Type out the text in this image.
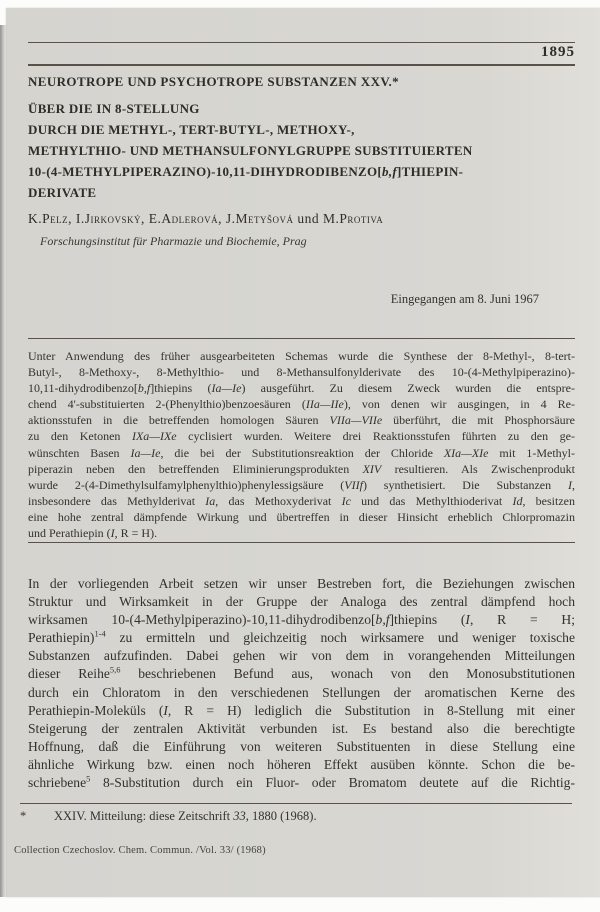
1895
NEUROTROPE UND PSYCHOTROPE SUBSTANZEN XXV.*
ÜBER DIE IN 8-STELLUNG
DURCH DIE METHYL-, TERT-BUTYL-, METHOXY-,
METHYLTHIO- UND METHANSULFONYLGRUPPE SUBSTITUIERTEN
10-(4-METHYLPIPERAZINO)-10,11-DIHYDRODIBENZO[b,f]THIEPIN-
DERIVATE
K.Pelz, I.Jirkovský, E.Adlerová, J.Metyšová und M.Protiva
Forschungsinstitut für Pharmazie und Biochemie, Prag
Eingegangen am 8. Juni 1967
Unter Anwendung des früher ausgearbeiteten Schemas wurde die Synthese der 8-Methyl-, 8-tert-
Butyl-, 8-Methoxy-, 8-Methylthio- und 8-Methansulfonylderivate des 10-(4-Methylpiperazino)-
10,11-dihydrodibenzo[b,f]thiepins (Ia—Ie) ausgeführt. Zu diesem Zweck wurden die entspre-
chend 4'-substituierten 2-(Phenylthio)benzoesäuren (IIa—IIe), von denen wir ausgingen, in 4 Re-
aktionsstufen in die betreffenden homologen Säuren VIIa—VIIe überführt, die mit Phosphorsäure
zu den Ketonen IXa—IXe cyclisiert wurden. Weitere drei Reaktionsstufen führten zu den ge-
wünschten Basen Ia—Ie, die bei der Substitutionsreaktion der Chloride XIa—XIe mit 1-Methyl-
piperazin neben den betreffenden Eliminierungsprodukten XIV resultieren. Als Zwischenprodukt
wurde 2-(4-Dimethylsulfamylphenylthio)phenylessigsäure (VIIf) synthetisiert. Die Substanzen I,
insbesondere das Methylderivat Ia, das Methoxyderivat Ic und das Methylthioderivat Id, besitzen
eine hohe zentral dämpfende Wirkung und übertreffen in dieser Hinsicht erheblich Chlorpromazin
und Perathiepin (I, R = H).
In der vorliegenden Arbeit setzen wir unser Bestreben fort, die Beziehungen zwischen
Struktur und Wirksamkeit in der Gruppe der Analoga des zentral dämpfend hoch
wirksamen 10-(4-Methylpiperazino)-10,11-dihydrodibenzo[b,f]thiepins (I, R = H;
Perathiepin)$^{1-4}$ zu ermitteln und gleichzeitig noch wirksamere und weniger toxische
Substanzen aufzufinden. Dabei gehen wir von dem in vorangehenden Mitteilungen
dieser Reihe$^{5,6}$ beschriebenen Befund aus, wonach von den Monosubstitutionen
durch ein Chloratom in den verschiedenen Stellungen der aromatischen Kerne des
Perathiepin-Moleküls (I, R = H) lediglich die Substitution in 8-Stellung mit einer
Steigerung der zentralen Aktivität verbunden ist. Es bestand also die berechtigte
Hoffnung, daß die Einführung von weiteren Substituenten in diese Stellung eine
ähnliche Wirkung bzw. einen noch höheren Effekt ausüben könnte. Schon die be-
schriebene$^5$ 8-Substitution durch ein Fluor- oder Bromatom deutete auf die Richtig-
* XXIV. Mitteilung: diese Zeitschrift 33, 1880 (1968).
Collection Czechoslov. Chem. Commun. /Vol. 33/ (1968)
